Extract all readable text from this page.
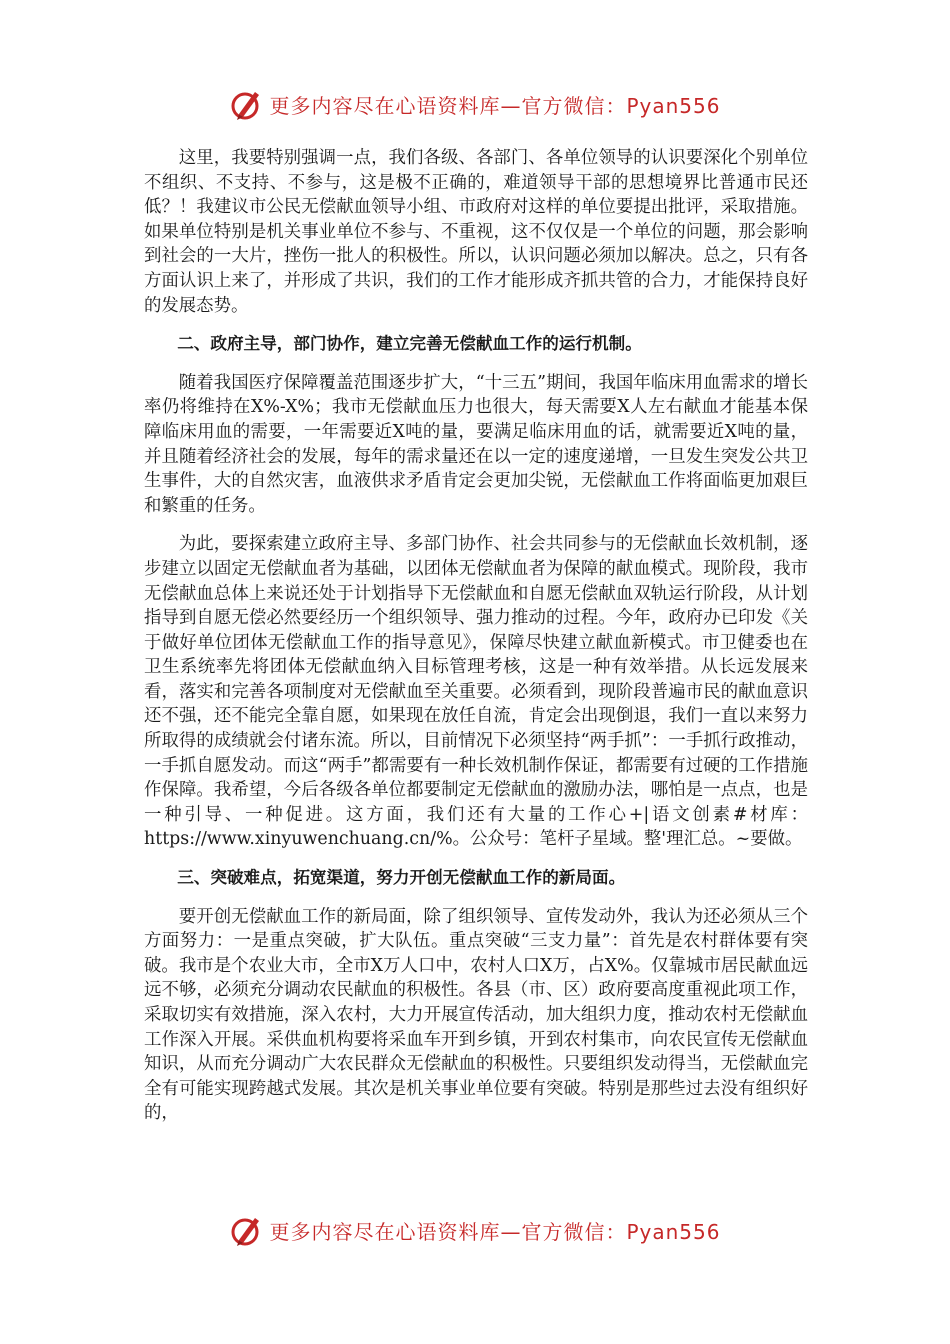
更多内容尽在心语资料库—官方微信：Pyan556

这里，我要特别强调一点，我们各级、各部门、各单位领导的认识要深化个别单位不组织、不支持、不参与，这是极不正确的，难道领导干部的思想境界比普通市民还低？！我建议市公民无偿献血领导小组、市政府对这样的单位要提出批评，采取措施。如果单位特别是机关事业单位不参与、不重视，这不仅仅是一个单位的问题，那会影响到社会的一大片，挫伤一批人的积极性。所以，认识问题必须加以解决。总之，只有各方面认识上来了，并形成了共识，我们的工作才能形成齐抓共管的合力，才能保持良好的发展态势。

二、政府主导，部门协作，建立完善无偿献血工作的运行机制。

随着我国医疗保障覆盖范围逐步扩大，“十三五”期间，我国年临床用血需求的增长率仍将维持在X%-X%；我市无偿献血压力也很大，每天需要X人左右献血才能基本保障临床用血的需要，一年需要近X吨的量，要满足临床用血的话，就需要近X吨的量，并且随着经济社会的发展，每年的需求量还在以一定的速度递增，一旦发生突发公共卫生事件，大的自然灾害，血液供求矛盾肯定会更加尖锐，无偿献血工作将面临更加艰巨和繁重的任务。

为此，要探索建立政府主导、多部门协作、社会共同参与的无偿献血长效机制，逐步建立以固定无偿献血者为基础，以团体无偿献血者为保障的献血模式。现阶段，我市无偿献血总体上来说还处于计划指导下无偿献血和自愿无偿献血双轨运行阶段，从计划指导到自愿无偿必然要经历一个组织领导、强力推动的过程。今年，政府办已印发《关于做好单位团体无偿献血工作的指导意见》，保障尽快建立献血新模式。市卫健委也在卫生系统率先将团体无偿献血纳入目标管理考核，这是一种有效举措。从长远发展来看，落实和完善各项制度对无偿献血至关重要。必须看到，现阶段普遍市民的献血意识还不强，还不能完全靠自愿，如果现在放任自流，肯定会出现倒退，我们一直以来努力所取得的成绩就会付诸东流。所以，目前情况下必须坚持“两手抓”：一手抓行政推动，一手抓自愿发动。而这“两手”都需要有一种长效机制作保证，都需要有过硬的工作措施作保障。我希望，今后各级各单位都要制定无偿献血的激励办法，哪怕是一点点，也是一种引导、一种促进。这方面，我们还有大量的工作心+|语文创素#材库：https://www.xinyuwenchuang.cn/%。公众号：笔杆子星域。整'理汇总。~要做。

三、突破难点，拓宽渠道，努力开创无偿献血工作的新局面。

要开创无偿献血工作的新局面，除了组织领导、宣传发动外，我认为还必须从三个方面努力：一是重点突破，扩大队伍。重点突破“三支力量”：首先是农村群体要有突破。我市是个农业大市，全市X万人口中，农村人口X万，占X%。仅靠城市居民献血远远不够，必须充分调动农民献血的积极性。各县（市、区）政府要高度重视此项工作，采取切实有效措施，深入农村，大力开展宣传活动，加大组织力度，推动农村无偿献血工作深入开展。采供血机构要将采血车开到乡镇，开到农村集市，向农民宣传无偿献血知识，从而充分调动广大农民群众无偿献血的积极性。只要组织发动得当，无偿献血完全有可能实现跨越式发展。其次是机关事业单位要有突破。特别是那些过去没有组织好的，

更多内容尽在心语资料库—官方微信：Pyan556
